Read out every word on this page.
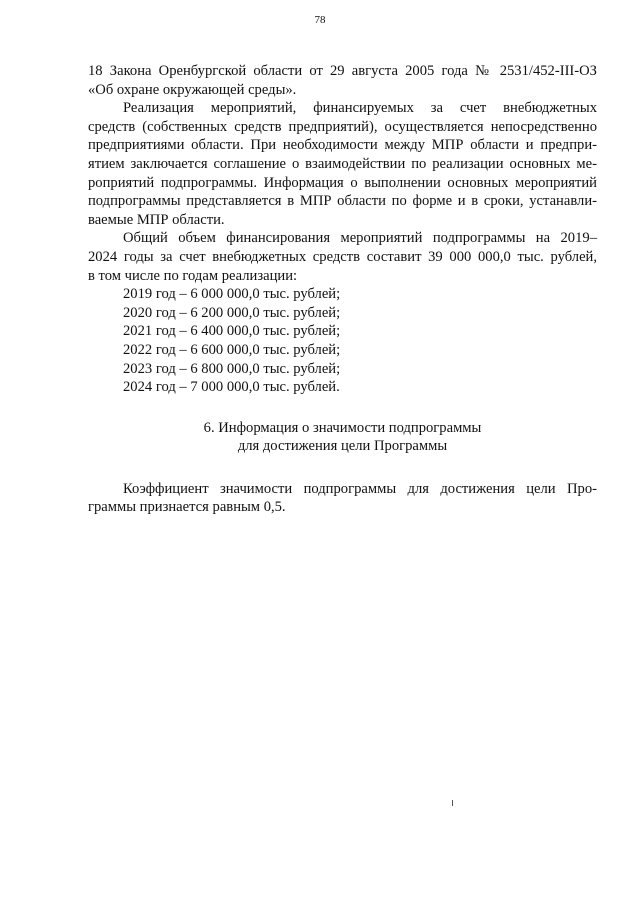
78
18 Закона Оренбургской области от 29 августа 2005 года № 2531/452-III-ОЗ
«Об охране окружающей среды».
Реализация мероприятий, финансируемых за счет внебюджетных
средств (собственных средств предприятий), осуществляется непосредственно
предприятиями области. При необходимости между МПР области и предпри-
ятием заключается соглашение о взаимодействии по реализации основных ме-
роприятий подпрограммы. Информация о выполнении основных мероприятий
подпрограммы представляется в МПР области по форме и в сроки, устанавли-
ваемые МПР области.
Общий объем финансирования мероприятий подпрограммы на 2019–
2024 годы за счет внебюджетных средств составит 39 000 000,0 тыс. рублей,
в том числе по годам реализации:
2019 год – 6 000 000,0 тыс. рублей;
2020 год – 6 200 000,0 тыс. рублей;
2021 год – 6 400 000,0 тыс. рублей;
2022 год – 6 600 000,0 тыс. рублей;
2023 год – 6 800 000,0 тыс. рублей;
2024 год – 7 000 000,0 тыс. рублей.
6. Информация о значимости подпрограммы
для достижения цели Программы
Коэффициент значимости подпрограммы для достижения цели Про-
граммы признается равным 0,5.
